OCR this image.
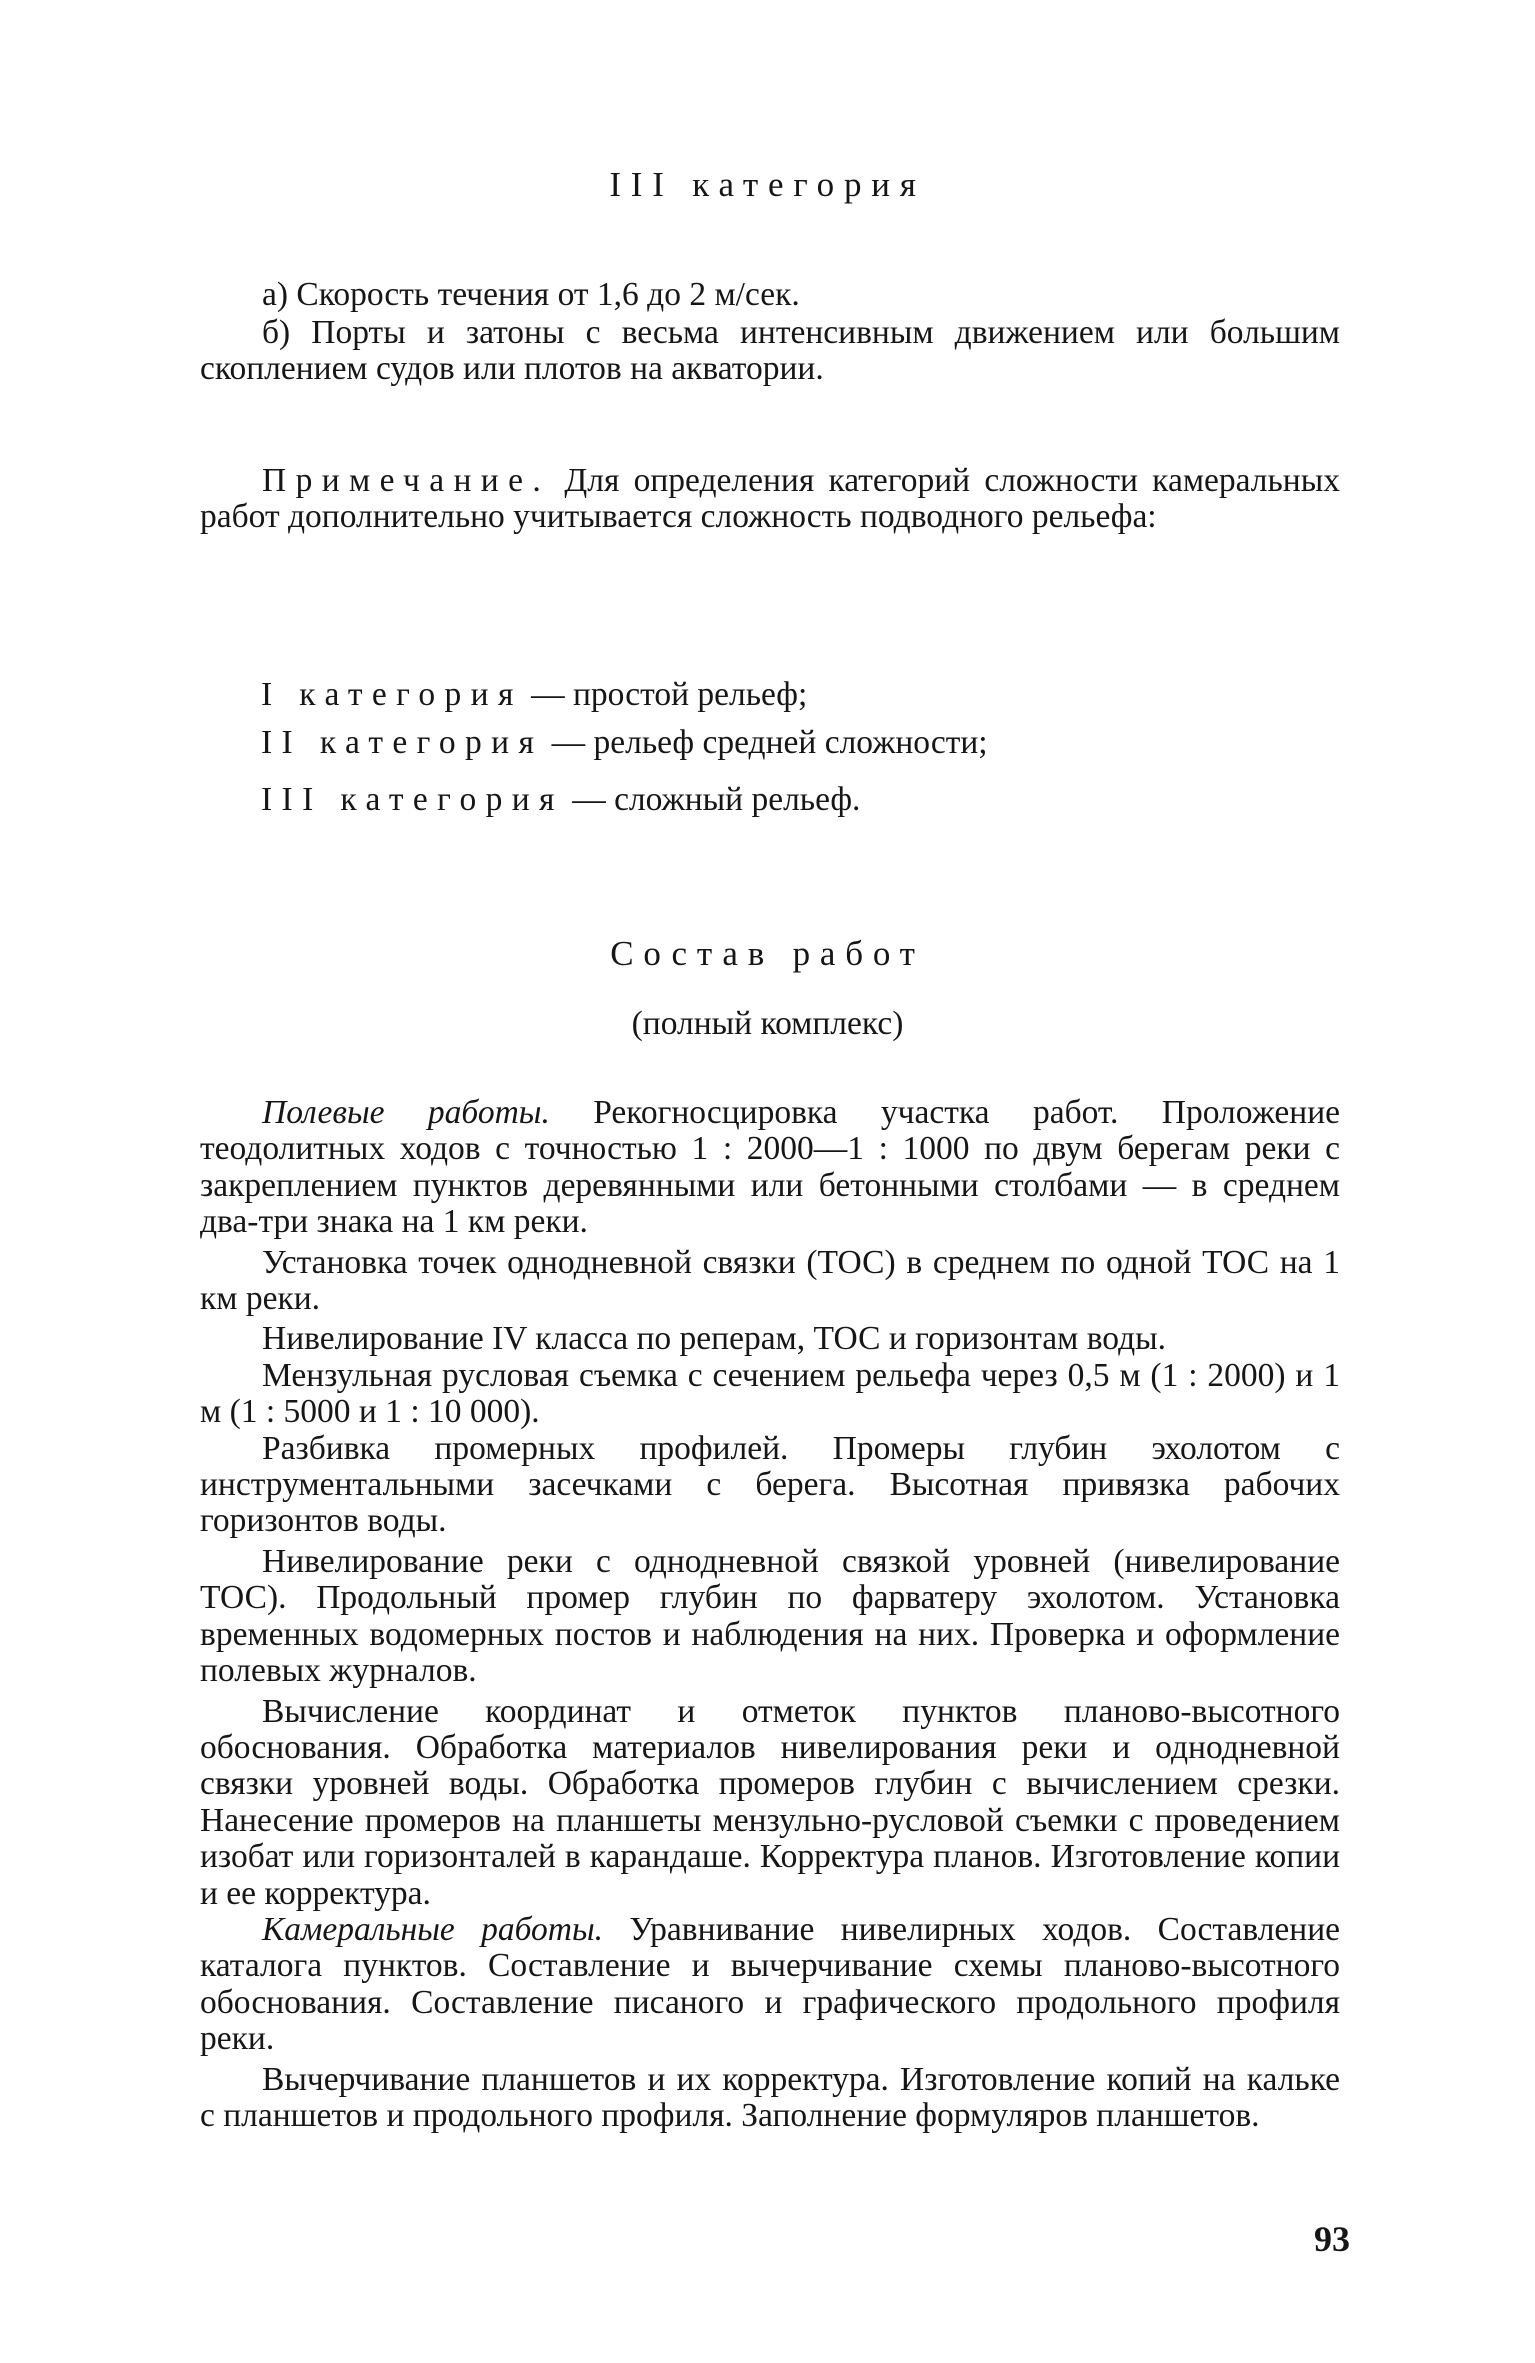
III категория
а) Скорость течения от 1,6 до 2 м/сек.
б) Порты и затоны с весьма интенсивным движением или большим скоплением судов или плотов на акватории.
Примечание. Для определения категорий сложности камеральных работ дополнительно учитывается сложность подводного рельефа:
I категория — простой рельеф;
II категория — рельеф средней сложности;
III категория — сложный рельеф.
Состав работ
(полный комплекс)

Полевые работы. Рекогносцировка участка работ. Проложение теодолитных ходов с точностью 1 : 2000—1 : 1000 по двум берегам реки с закреплением пунктов деревянными или бетонными столбами — в среднем два-три знака на 1 км реки.

Установка точек однодневной связки (ТОС) в среднем по одной ТОС на 1 км реки.

Нивелирование IV класса по реперам, ТОС и горизонтам воды.

Мензульная русловая съемка с сечением рельефа через 0,5 м (1 : 2000) и 1 м (1 : 5000 и 1 : 10 000).

Разбивка промерных профилей. Промеры глубин эхолотом с инструментальными засечками с берега. Высотная привязка рабочих горизонтов воды.

Нивелирование реки с однодневной связкой уровней (нивелирование ТОС). Продольный промер глубин по фарватеру эхолотом. Установка временных водомерных постов и наблюдения на них. Проверка и оформление полевых журналов.

Вычисление координат и отметок пунктов планово-высотного обоснования. Обработка материалов нивелирования реки и однодневной связки уровней воды. Обработка промеров глубин с вычислением срезки. Нанесение промеров на планшеты мензульно-русловой съемки с проведением изобат или горизонталей в карандаше. Корректура планов. Изготовление копии и ее корректура.

Камеральные работы. Уравнивание нивелирных ходов. Составление каталога пунктов. Составление и вычерчивание схемы планово-высотного обоснования. Составление писаного и графического продольного профиля реки.

Вычерчивание планшетов и их корректура. Изготовление копий на кальке с планшетов и продольного профиля. Заполнение формуляров планшетов.

93
